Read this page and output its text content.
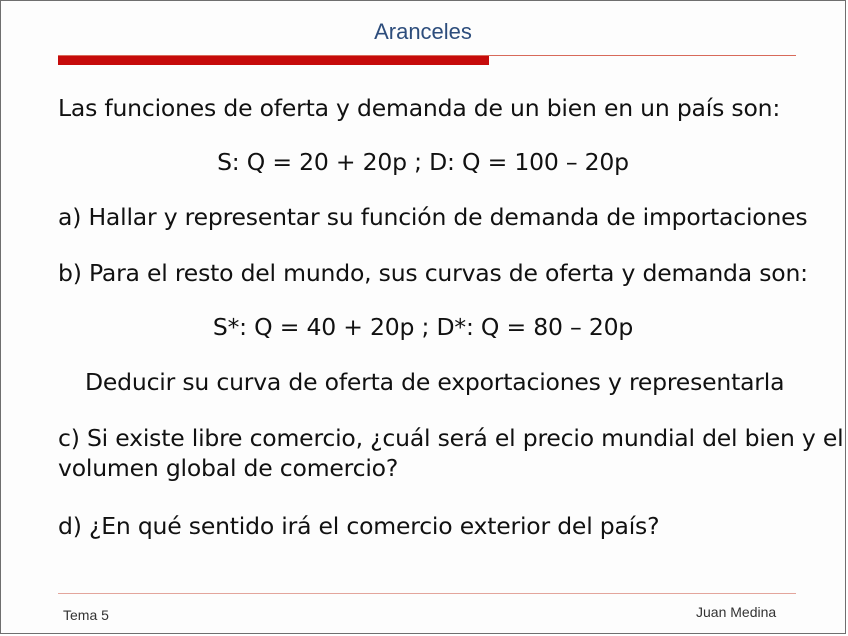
Aranceles
Las funciones de oferta y demanda de un bien en un país son:
S: Q = 20 + 20p ; D: Q = 100 – 20p
a) Hallar y representar su función de demanda de importaciones
b) Para el resto del mundo, sus curvas de oferta y demanda son:
S*: Q = 40 + 20p ; D*: Q = 80 – 20p
Deducir su curva de oferta de exportaciones y representarla
c) Si existe libre comercio, ¿cuál será el precio mundial del bien y el
volumen global de comercio?
d) ¿En qué sentido irá el comercio exterior del país?
Tema 5	Juan Medina
